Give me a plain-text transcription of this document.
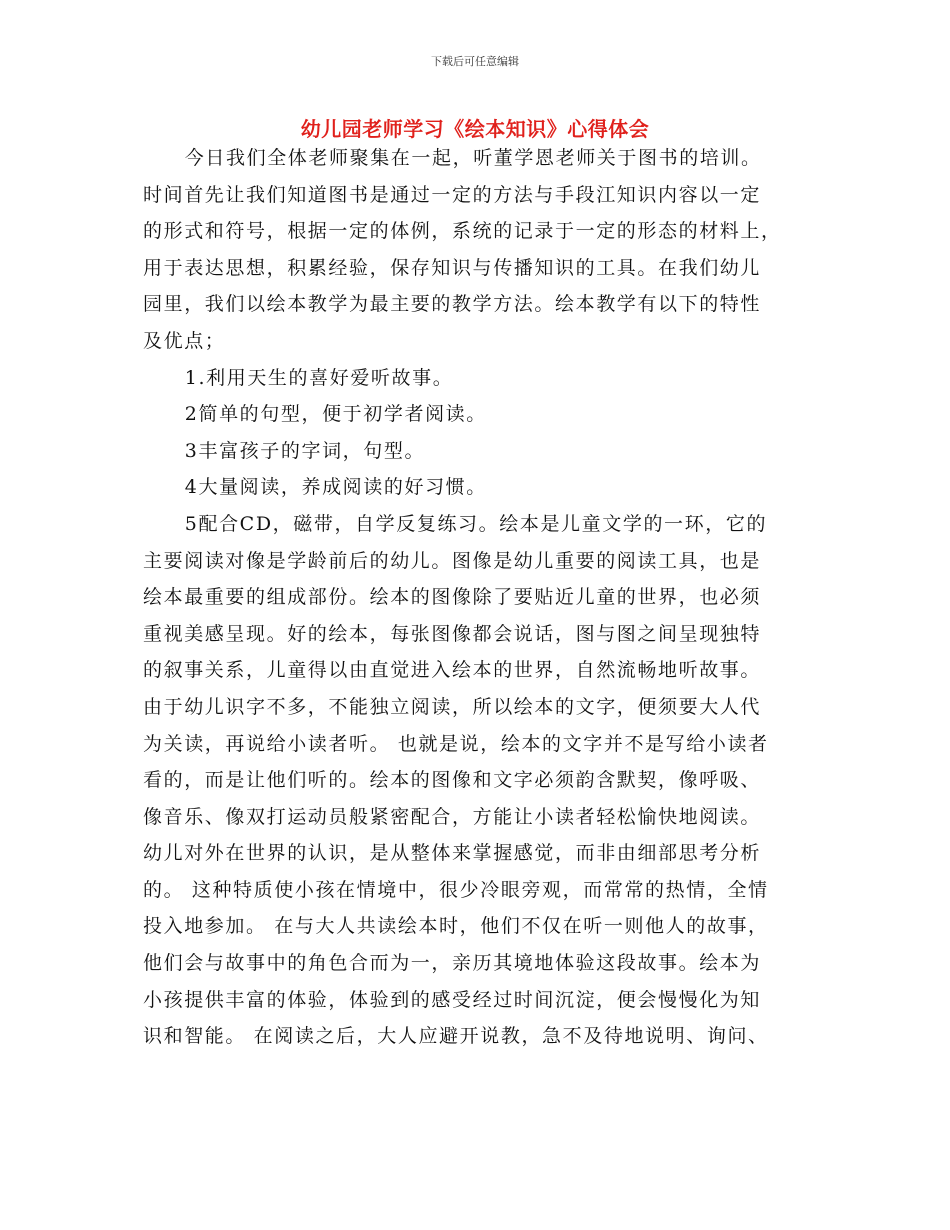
下载后可任意编辑
幼儿园老师学习《绘本知识》心得体会

今日我们全体老师聚集在一起，听董学恩老师关于图书的培训。
时间首先让我们知道图书是通过一定的方法与手段江知识内容以一定
的形式和符号，根据一定的体例，系统的记录于一定的形态的材料上，
用于表达思想，积累经验，保存知识与传播知识的工具。在我们幼儿
园里，我们以绘本教学为最主要的教学方法。绘本教学有以下的特性
及优点；

1.利用天生的喜好爱听故事。

2简单的句型，便于初学者阅读。

3丰富孩子的字词，句型。

4大量阅读，养成阅读的好习惯。

5配合CD，磁带，自学反复练习。绘本是儿童文学的一环，它的
主要阅读对像是学龄前后的幼儿。图像是幼儿重要的阅读工具，也是
绘本最重要的组成部份。绘本的图像除了要贴近儿童的世界，也必须
重视美感呈现。好的绘本，每张图像都会说话，图与图之间呈现独特
的叙事关系，儿童得以由直觉进入绘本的世界，自然流畅地听故事。
由于幼儿识字不多，不能独立阅读，所以绘本的文字，便须要大人代
为关读，再说给小读者听。 也就是说，绘本的文字并不是写给小读者
看的，而是让他们听的。绘本的图像和文字必须韵含默契，像呼吸、
像音乐、像双打运动员般紧密配合，方能让小读者轻松愉快地阅读。
幼儿对外在世界的认识，是从整体来掌握感觉，而非由细部思考分析
的。 这种特质使小孩在情境中，很少冷眼旁观，而常常的热情，全情
投入地参加。 在与大人共读绘本时，他们不仅在听一则他人的故事，
他们会与故事中的角色合而为一，亲历其境地体验这段故事。绘本为
小孩提供丰富的体验，体验到的感受经过时间沉淀，便会慢慢化为知
识和智能。 在阅读之后，大人应避开说教，急不及待地说明、询问、
